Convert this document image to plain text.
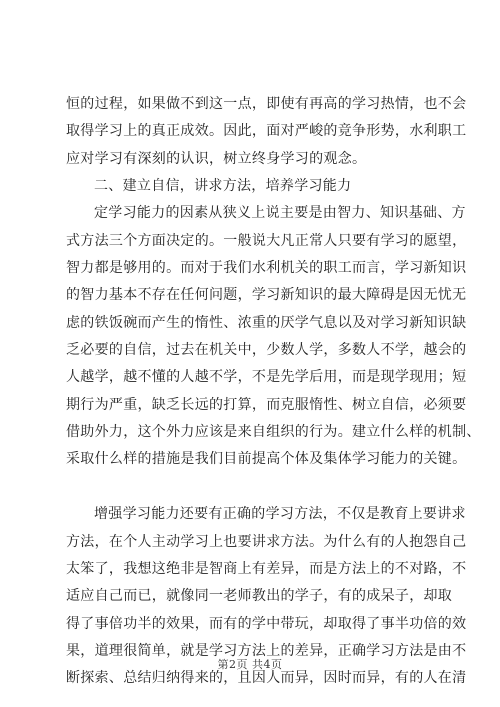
恒的过程，如果做不到这一点，即使有再高的学习热情，也不会
取得学习上的真正成效。因此，面对严峻的竞争形势，水利职工
应对学习有深刻的认识，树立终身学习的观念。
二、建立自信，讲求方法，培养学习能力
定学习能力的因素从狭义上说主要是由智力、知识基础、方
式方法三个方面决定的。一般说大凡正常人只要有学习的愿望，
智力都是够用的。而对于我们水利机关的职工而言，学习新知识
的智力基本不存在任何问题，学习新知识的最大障碍是因无忧无
虑的铁饭碗而产生的惰性、浓重的厌学气息以及对学习新知识缺
乏必要的自信，过去在机关中，少数人学，多数人不学，越会的
人越学，越不懂的人越不学，不是先学后用，而是现学现用；短
期行为严重，缺乏长远的打算，而克服惰性、树立自信，必须要
借助外力，这个外力应该是来自组织的行为。建立什么样的机制、
采取什么样的措施是我们目前提高个体及集体学习能力的关键。
增强学习能力还要有正确的学习方法，不仅是教育上要讲求
方法，在个人主动学习上也要讲求方法。为什么有的人抱怨自己
太笨了，我想这绝非是智商上有差异，而是方法上的不对路，不
适应自己而已，就像同一老师教出的学子，有的成呆子，却取
得了事倍功半的效果，而有的学中带玩，却取得了事半功倍的效
果，道理很简单，就是学习方法上的差异，正确学习方法是由不
断探索、总结归纳得来的，且因人而异，因时而异，有的人在清
第2页 共4页
